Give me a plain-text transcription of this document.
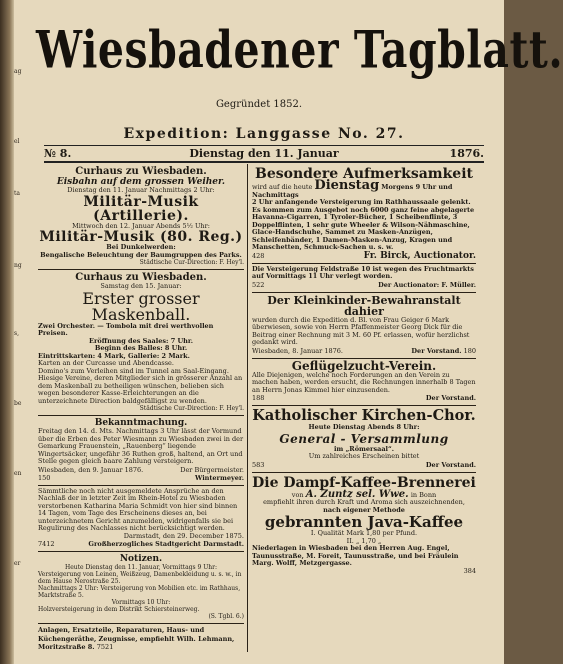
ag
el
ta
ng
s,
be
en
er
Wiesbadener Tagblatt.
Gegründet 1852.
Expedition: Langgasse No. 27.
№ 8.	Dienstag den 11. Januar	1876.
Curhaus zu Wiesbaden.
Eisbahn auf dem grossen Weiher.
Dienstag den 11. Januar Nachmittags 2 Uhr:
Militär-Musik (Artillerie).
Mittwoch den 12. Januar Abends 5½ Uhr:
Militär-Musik (80. Reg.)
Bei Dunkelwerden:
Bengalische Beleuchtung der Baumgruppen des Parks.
Städtische Cur-Direction: F. Hey'l.
Curhaus zu Wiesbaden.
Samstag den 15. Januar:
Erster grosser Maskenball.
Zwei Orchester. — Tombola mit drei werthvollen Preisen.
Eröffnung des Saales: 7 Uhr.
Beginn des Balles: 8 Uhr.
Eintrittskarten: 4 Mark, Gallerie: 2 Mark.
Karten an der Curcasse und Abendcasse.
Domino's zum Verleihen sind im Tunnel am Saal-Eingang.
Hiesige Vereine, deren Mitglieder sich in grösserer Anzahl an dem Maskenball zu betheiligen wünschen, belieben sich wegen besonderer Kasse-Erleichterungen an die unterzeichnete Direction baldgefälligst zu wenden.
Städtische Cur-Direction: F. Hey'l.
Bekanntmachung.
Freitag den 14. d. Mts. Nachmittags 3 Uhr lässt der Vormund über die Erben des Peter Wiesmann zu Wiesbaden zwei in der Gemarkung Frauenstein, „Rauenberg“ liegende Wingertsäcker, ungefähr 36 Ruthen groß, haltend, an Ort und Stelle gegen gleich baare Zahlung versteigern.
Wiesbaden, den 9. Januar 1876.	Der Bürgermeister.
150	Wintermeyer.
Sämmtliche noch nicht ausgemeldete Ansprüche an den Nachlaß der in letzter Zeit im Rhein-Hotel zu Wiesbaden verstorbenen Katharina Maria Schmidt von hier sind binnen 14 Tagen, vom Tage des Erscheinens dieses an, bei unterzeichnetem Gericht anzumelden, widrigenfalls sie bei Regulirung des Nachlasses nicht berücksichtigt werden.
Darmstadt, den 29. December 1875.
7412	Großherzogliches Stadtgericht Darmstadt.
Notizen.
Heute Dienstag den 11. Januar, Vormittags 9 Uhr:
Versteigerung von Leinen, Weißzeug, Damenbekleidung u. s. w., in dem Hause Nerostraße 25.
Nachmittags 2 Uhr: Versteigerung von Mobilien etc. im Rathhaus, Marktstraße 5.
Vormittags 10 Uhr:
Holzversteigerung in dem Distrikt Schiersteinerweg.
(S. Tgbl. 6.)
Anlagen, Ersatzteile, Reparaturen, Haus- und Küchengeräthe, Zeugnisse, empfiehlt Wilh. Lehmann, Moritzstraße 8. 7521
Besondere Aufmerksamkeit
wird auf die heute Dienstag Morgens 9 Uhr und Nachmittags
2 Uhr anfangende Versteigerung im Rathhaussaale gelenkt.
Es kommen zum Ausgebot noch 6000 ganz feine abgelagerte Havanna-Cigarren, 1 Tyroler-Bücher, 1 Scheibenflinte, 3 Doppelflinten, 1 sehr gute Wheeler & Wilson-Nähmaschine, Glace-Handschuhe, Sammet zu Masken-Anzügen, Schleifenbänder, 1 Damen-Masken-Anzug, Kragen und Manschetten, Schmuck-Sachen u. s. w.
428	Fr. Birck, Auctionator.
Die Versteigerung Feldstraße 10 ist wegen des Fruchtmarkts auf Vormittags 11 Uhr verlegt worden.
522	Der Auctionator: F. Müller.
Der Kleinkinder-Bewahranstalt dahier
wurden durch die Expedition d. Bl. von Frau Geiger 6 Mark überwiesen, sowie von Herrn Pfaffenmeister Georg Dick für die Beitrag einer Rechnung mit 3 M. 60 Pf. erlassen, wofür herzlichst gedankt wird.
Wiesbaden, 8. Januar 1876.	Der Vorstand. 180
Geflügelzucht-Verein.
Alle Diejenigen, welche noch Forderungen an den Verein zu machen haben, werden ersucht, die Rechnungen innerhalb 8 Tagen an Herrn Jonas Kimmel hier einzusenden.
188	Der Vorstand.
Katholischer Kirchen-Chor.
Heute Dienstag Abends 8 Uhr:
General - Versammlung
im „Römersaal“.
Um zahlreiches Erscheinen bittet
583	Der Vorstand.
Die Dampf-Kaffee-Brennerei
von A. Zuntz sel. Wwe. in Bonn
empfiehlt ihren durch Kraft und Aroma sich auszeichnenden,
nach eigener Methode
gebrannten Java-Kaffee
I. Qualität Mark 1,80 per Pfund.
II. „ 1,70 „
Niederlagen in Wiesbaden bei den Herren Aug. Engel, Taunusstraße, M. Foreit, Taunusstraße, und bei Fräulein Marg. Wolff, Metzgergasse.
384
